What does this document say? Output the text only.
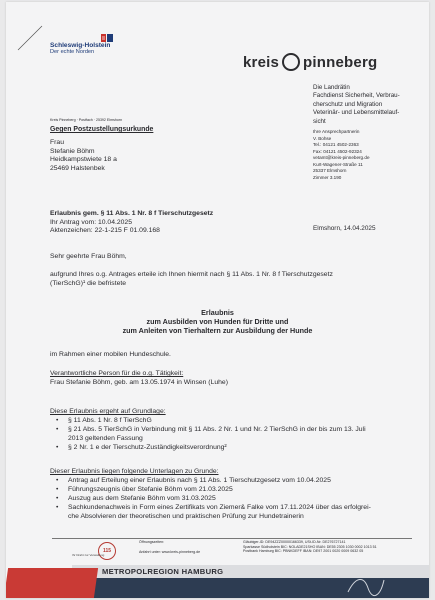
Schleswig-Holstein
Der echte Norden
kreis pinneberg
Die Landrätin
Fachdienst Sicherheit, Verbrau-
cherschutz und Migration
Veterinär- und Lebensmittelauf-
sicht
Ihre Ansprechpartnerin
V. Bohse
Tel.: 04121 4502-2363
Fax: 04121 4502-92324
vetamt@kreis-pinneberg.de
Kurt-Wagener-Straße 11
25337 Elmshorn
Zimmer 3.190
Elmshorn, 14.04.2025
Kreis Pinneberg · Postfach · 25392 Elmshorn
Gegen Postzustellungsurkunde
Frau
Stefanie Böhm
Heidkampstwiete 18 a
25469 Halstenbek
Erlaubnis gem. § 11 Abs. 1 Nr. 8 f Tierschutzgesetz
Ihr Antrag vom: 10.04.2025
Aktenzeichen: 22-1-215 F 01.09.168
Sehr geehrte Frau Böhm,
aufgrund Ihres o.g. Antrages erteile ich Ihnen hiermit nach § 11 Abs. 1 Nr. 8 f Tierschutzgesetz
(TierSchG)¹ die befristete
Erlaubnis
zum Ausbilden von Hunden für Dritte und
zum Anleiten von Tierhaltern zur Ausbildung der Hunde
im Rahmen einer mobilen Hundeschule.
Verantwortliche Person für die o.g. Tätigkeit:
Frau Stefanie Böhm, geb. am 13.05.1974 in Winsen (Luhe)
Diese Erlaubnis ergeht auf Grundlage:
• § 11 Abs. 1 Nr. 8 f TierSchG
• § 21 Abs. 5 TierSchG in Verbindung mit § 11 Abs. 2 Nr. 1 und Nr. 2 TierSchG in der bis zum 13. Juli
2013 geltenden Fassung
• § 2 Nr. 1 e der Tierschutz-Zuständigkeitsverordnung²
Dieser Erlaubnis liegen folgende Unterlagen zu Grunde:
• Antrag auf Erteilung einer Erlaubnis nach § 11 Abs. 1 Tierschutzgesetz vom 10.04.2025
• Führungszeugnis über Stefanie Böhm vom 21.03.2025
• Auszug aus dem Stefanie Böhm vom 31.03.2025
• Sachkundenachweis in Form eines Zertifikats von Ziemer& Falke vom 17.11.2024 über das erfolgrei-
che Absolvieren der theoretischen und praktischen Prüfung zur Hundetrainerin
115
Ihr Draht zur Verwaltung
Öffnungszeiten:
Anfahrt unter: www.kreis-pinneberg.de
Gläubiger-ID: DE94ZZZ00000166339, USt-ID-Nr. DE276727141
Sparkasse Südholstein BIC: NOLADE21SHO IBAN: DE55 2305 1030 0002 1013 51
Postbank Hamburg BIC: PBNKDEFF IBAN: DE97 2001 0020 0009 0632 05
METROPOLREGION HAMBURG
